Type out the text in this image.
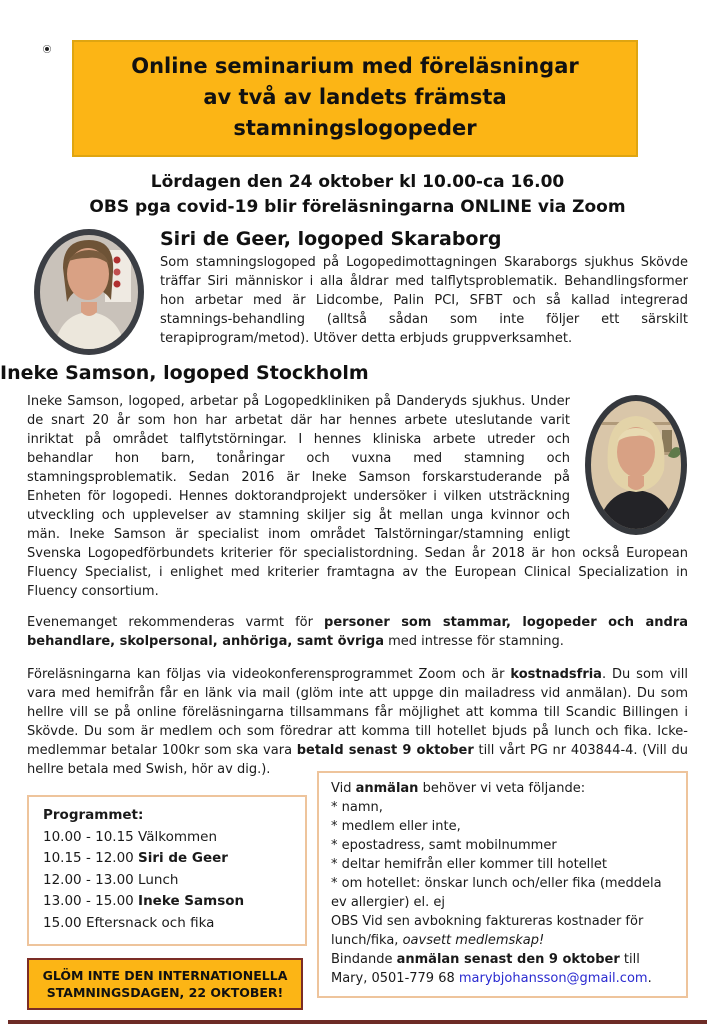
Online seminarium med föreläsningar
av två av landets främsta stamningslogopeder
Lördagen den 24 oktober kl 10.00-ca 16.00
OBS pga covid-19 blir föreläsningarna ONLINE via Zoom
Siri de Geer, logoped Skaraborg
Som stamningslogoped på Logopedimottagningen Skaraborgs sjukhus Skövde träffar Siri människor i alla åldrar med talflytsproblematik. Behandlingsformer hon arbetar med är Lidcombe, Palin PCI, SFBT och så kallad integrerad stamnings-behandling (alltså sådan som inte följer ett särskilt terapiprogram/metod). Utöver detta erbjuds gruppverksamhet.
Ineke Samson, logoped Stockholm
Ineke Samson, logoped, arbetar på Logopedkliniken på Danderyds sjukhus. Under de snart 20 år som hon har arbetat där har hennes arbete uteslutande varit inriktat på området talflytstörningar. I hennes kliniska arbete utreder och behandlar hon barn, tonåringar och vuxna med stamning och stamningsproblematik. Sedan 2016 är Ineke Samson forskarstuderande på Enheten för logopedi. Hennes doktorandprojekt undersöker i vilken utsträckning utveckling och upplevelser av stamning skiljer sig åt mellan unga kvinnor och män. Ineke Samson är specialist inom området Talstörningar/stamning enligt Svenska Logopedförbundets kriterier för specialistordning. Sedan år 2018 är hon också European Fluency Specialist, i enlighet med kriterier framtagna av the European Clinical Specialization in Fluency consortium.
Evenemanget rekommenderas varmt för personer som stammar, logopeder och andra behandlare, skolpersonal, anhöriga, samt övriga med intresse för stamning.
Föreläsningarna kan följas via videokonferensprogrammet Zoom och är kostnadsfria. Du som vill vara med hemifrån får en länk via mail (glöm inte att uppge din mailadress vid anmälan). Du som hellre vill se på online föreläsningarna tillsammans får möjlighet att komma till Scandic Billingen i Skövde. Du som är medlem och som föredrar att komma till hotellet bjuds på lunch och fika. Icke-medlemmar betalar 100kr som ska vara betald senast 9 oktober till vårt PG nr 403844-4. (Vill du hellre betala med Swish, hör av dig.).
Programmet:
10.00 - 10.15 Välkommen
10.15 - 12.00 Siri de Geer
12.00 - 13.00 Lunch
13.00 - 15.00 Ineke Samson
15.00 Eftersnack och fika
GLÖM INTE DEN INTERNATIONELLA
STAMNINGSDAGEN, 22 OKTOBER!
Vid anmälan behöver vi veta följande:
* namn,
* medlem eller inte,
* epostadress, samt mobilnummer
* deltar hemifrån eller kommer till hotellet
* om hotellet: önskar lunch och/eller fika (meddela ev allergier) el. ej
OBS Vid sen avbokning faktureras kostnader för lunch/fika, oavsett medlemskap!
Bindande anmälan senast den 9 oktober till Mary, 0501-779 68 marybjohansson@gmail.com.
